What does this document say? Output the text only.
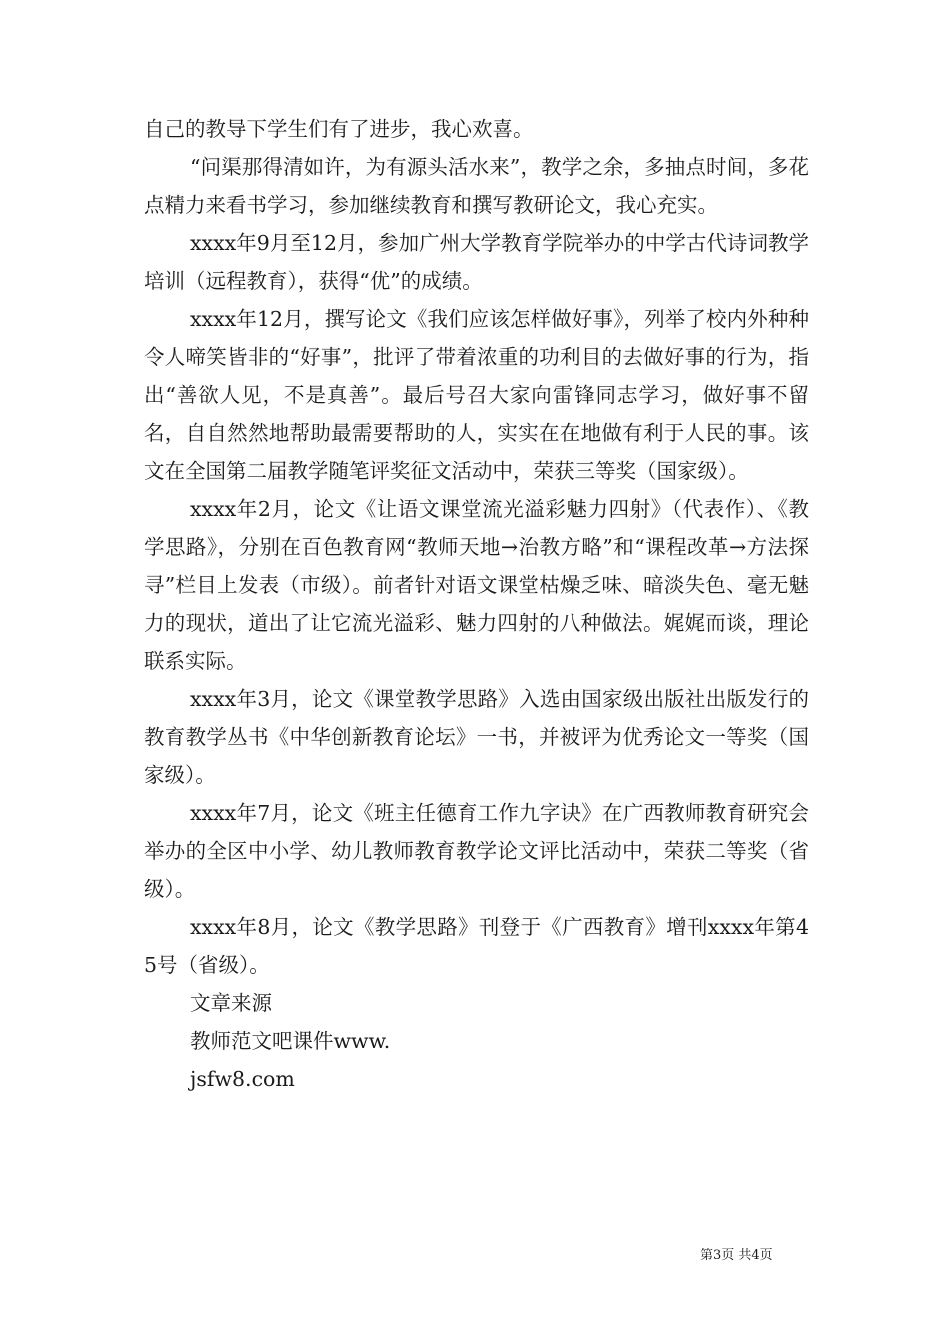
自己的教导下学生们有了进步，我心欢喜。

“问渠那得清如许，为有源头活水来”，教学之余，多抽点时间，多花点精力来看书学习，参加继续教育和撰写教研论文，我心充实。

xxxx年9月至12月，参加广州大学教育学院举办的中学古代诗词教学培训（远程教育），获得“优”的成绩。

xxxx年12月，撰写论文《我们应该怎样做好事》，列举了校内外种种令人啼笑皆非的“好事”，批评了带着浓重的功利目的去做好事的行为，指出“善欲人见，不是真善”。最后号召大家向雷锋同志学习，做好事不留名，自自然然地帮助最需要帮助的人，实实在在地做有利于人民的事。该文在全国第二届教学随笔评奖征文活动中，荣获三等奖（国家级）。

xxxx年2月，论文《让语文课堂流光溢彩魅力四射》（代表作）、《教学思路》，分别在百色教育网“教师天地→治教方略”和“课程改革→方法探寻”栏目上发表（市级）。前者针对语文课堂枯燥乏味、暗淡失色、毫无魅力的现状，道出了让它流光溢彩、魅力四射的八种做法。娓娓而谈，理论联系实际。

xxxx年3月，论文《课堂教学思路》入选由国家级出版社出版发行的教育教学丛书《中华创新教育论坛》一书，并被评为优秀论文一等奖（国家级）。

xxxx年7月，论文《班主任德育工作九字诀》在广西教师教育研究会举办的全区中小学、幼儿教师教育教学论文评比活动中，荣获二等奖（省级）。

xxxx年8月，论文《教学思路》刊登于《广西教育》增刊xxxx年第45号（省级）。

文章来源

教师范文吧课件www.

jsfw8.com

第3页 共4页
